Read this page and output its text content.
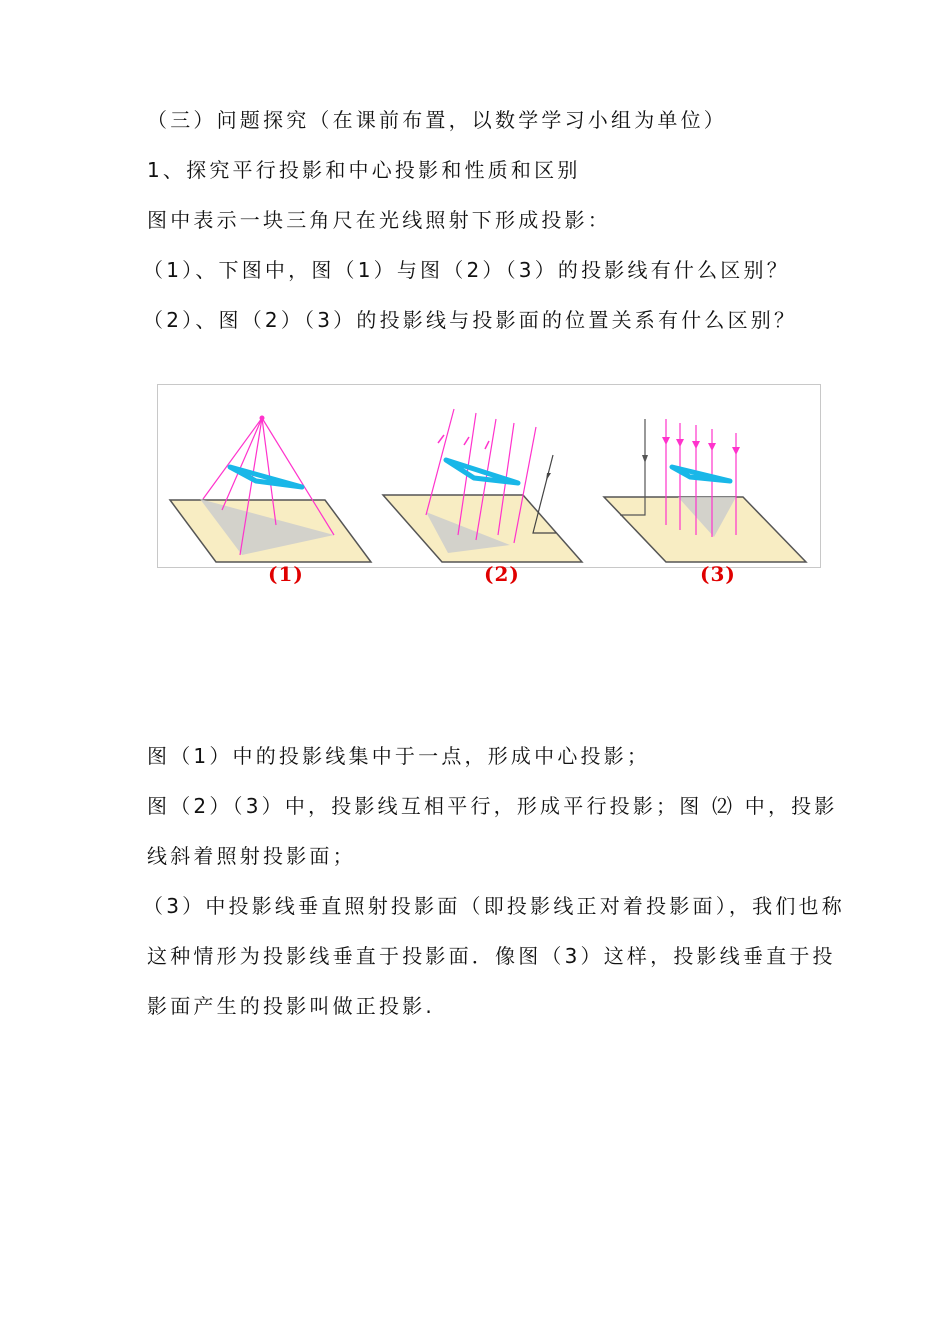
（三）问题探究（在课前布置，以数学学习小组为单位）
1、探究平行投影和中心投影和性质和区别
图中表示一块三角尺在光线照射下形成投影：
（1）、下图中，图（1）与图（2）（3）的投影线有什么区别？
（2）、图（2）（3）的投影线与投影面的位置关系有什么区别？
(1)	(2)	(3)
图（1）中的投影线集中于一点，形成中心投影；
图（2）（3）中，投影线互相平行，形成平行投影；图 ⑵ 中，投影
线斜着照射投影面；
（3）中投影线垂直照射投影面（即投影线正对着投影面），我们也称
这种情形为投影线垂直于投影面．像图（3）这样，投影线垂直于投
影面产生的投影叫做正投影.
